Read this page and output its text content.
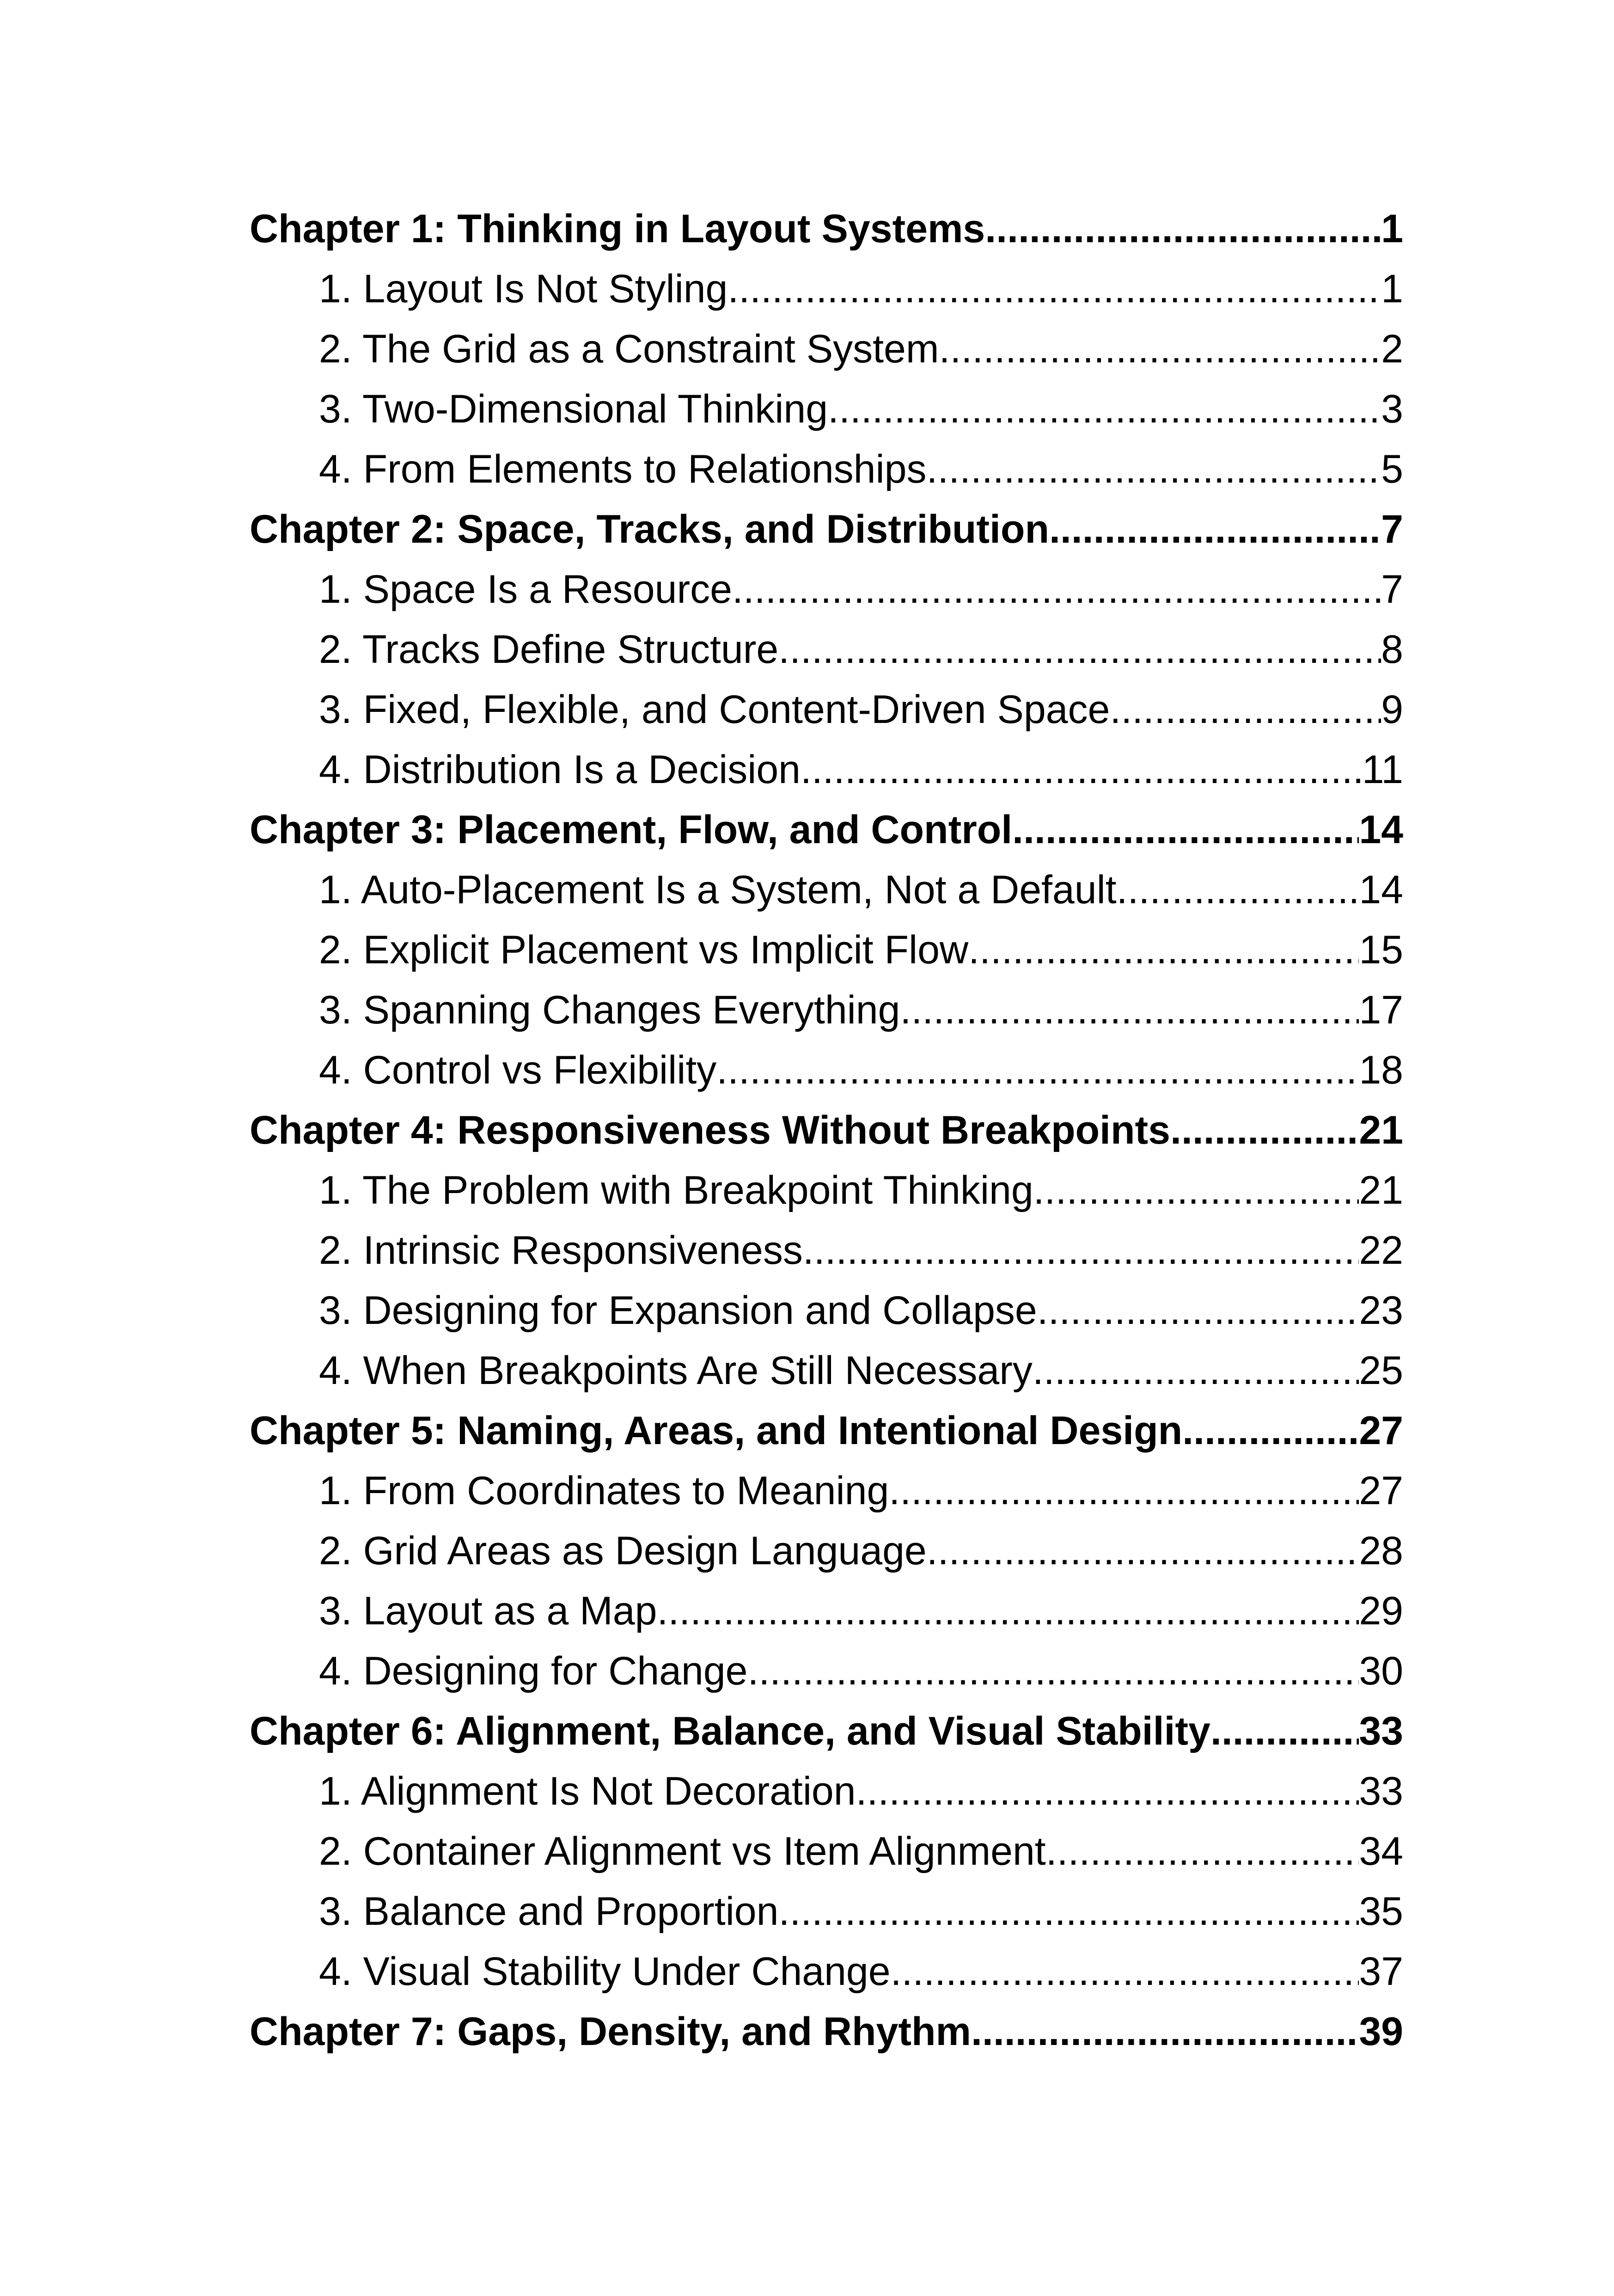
Chapter 1: Thinking in Layout Systems .....	1
1. Layout Is Not Styling .....	1
2. The Grid as a Constraint System .....	2
3. Two-Dimensional Thinking .....	3
4. From Elements to Relationships .....	5
Chapter 2: Space, Tracks, and Distribution .....	7
1. Space Is a Resource .....	7
2. Tracks Define Structure .....	8
3. Fixed, Flexible, and Content-Driven Space .....	9
4. Distribution Is a Decision .....	11
Chapter 3: Placement, Flow, and Control .....	14
1. Auto-Placement Is a System, Not a Default .....	14
2. Explicit Placement vs Implicit Flow .....	15
3. Spanning Changes Everything .....	17
4. Control vs Flexibility .....	18
Chapter 4: Responsiveness Without Breakpoints .....	21
1. The Problem with Breakpoint Thinking .....	21
2. Intrinsic Responsiveness .....	22
3. Designing for Expansion and Collapse .....	23
4. When Breakpoints Are Still Necessary .....	25
Chapter 5: Naming, Areas, and Intentional Design .....	27
1. From Coordinates to Meaning .....	27
2. Grid Areas as Design Language .....	28
3. Layout as a Map .....	29
4. Designing for Change .....	30
Chapter 6: Alignment, Balance, and Visual Stability .....	33
1. Alignment Is Not Decoration .....	33
2. Container Alignment vs Item Alignment .....	34
3. Balance and Proportion .....	35
4. Visual Stability Under Change .....	37
Chapter 7: Gaps, Density, and Rhythm .....	39
